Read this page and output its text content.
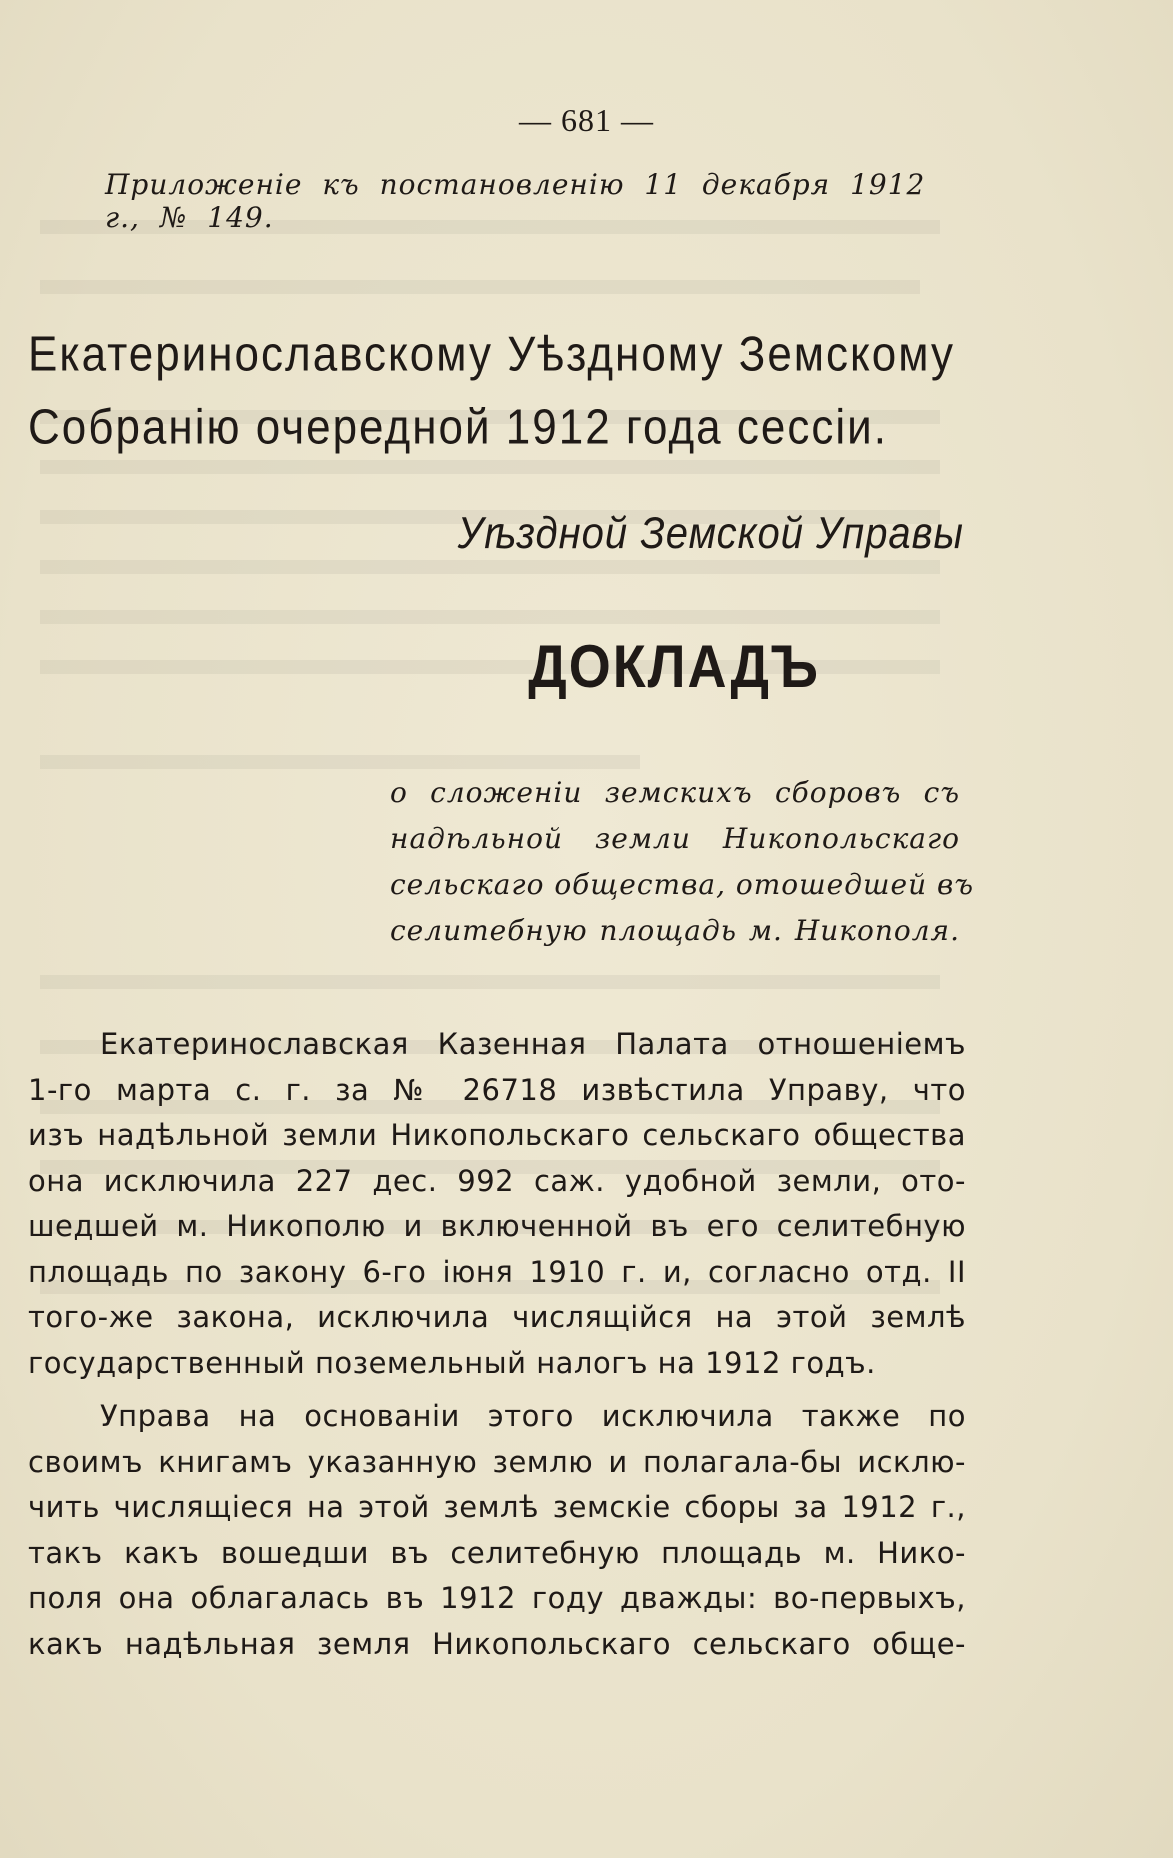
— 681 —
Приложеніе къ постановленію 11 декабря 1912 г., № 149.
Екатеринославскому Уѣздному Земскому
Собранію очередной 1912 года сессіи.
Уѣздной Земской Управы
ДОКЛАДЪ
о сложеніи земскихъ сборовъ съ
надѣльной земли Никопольскаго
сельскаго общества, отошедшей въ
селитебную площадь м. Никополя.

Екатеринославская Казенная Палата отношеніемъ
1-го марта с. г. за № 26718 извѣстила Управу, что
изъ надѣльной земли Никопольскаго сельскаго общества
она исключила 227 дес. 992 саж. удобной земли, ото-
шедшей м. Никополю и включенной въ его селитебную
площадь по закону 6-го іюня 1910 г. и, согласно отд. II
того-же закона, исключила числящійся на этой землѣ
государственный поземельный налогъ на 1912 годъ.

Управа на основаніи этого исключила также по
своимъ книгамъ указанную землю и полагала-бы исклю-
чить числящіеся на этой землѣ земскіе сборы за 1912 г.,
такъ какъ вошедши въ селитебную площадь м. Нико-
поля она облагалась въ 1912 году дважды: во-первыхъ,
какъ надѣльная земля Никопольскаго сельскаго обще-
